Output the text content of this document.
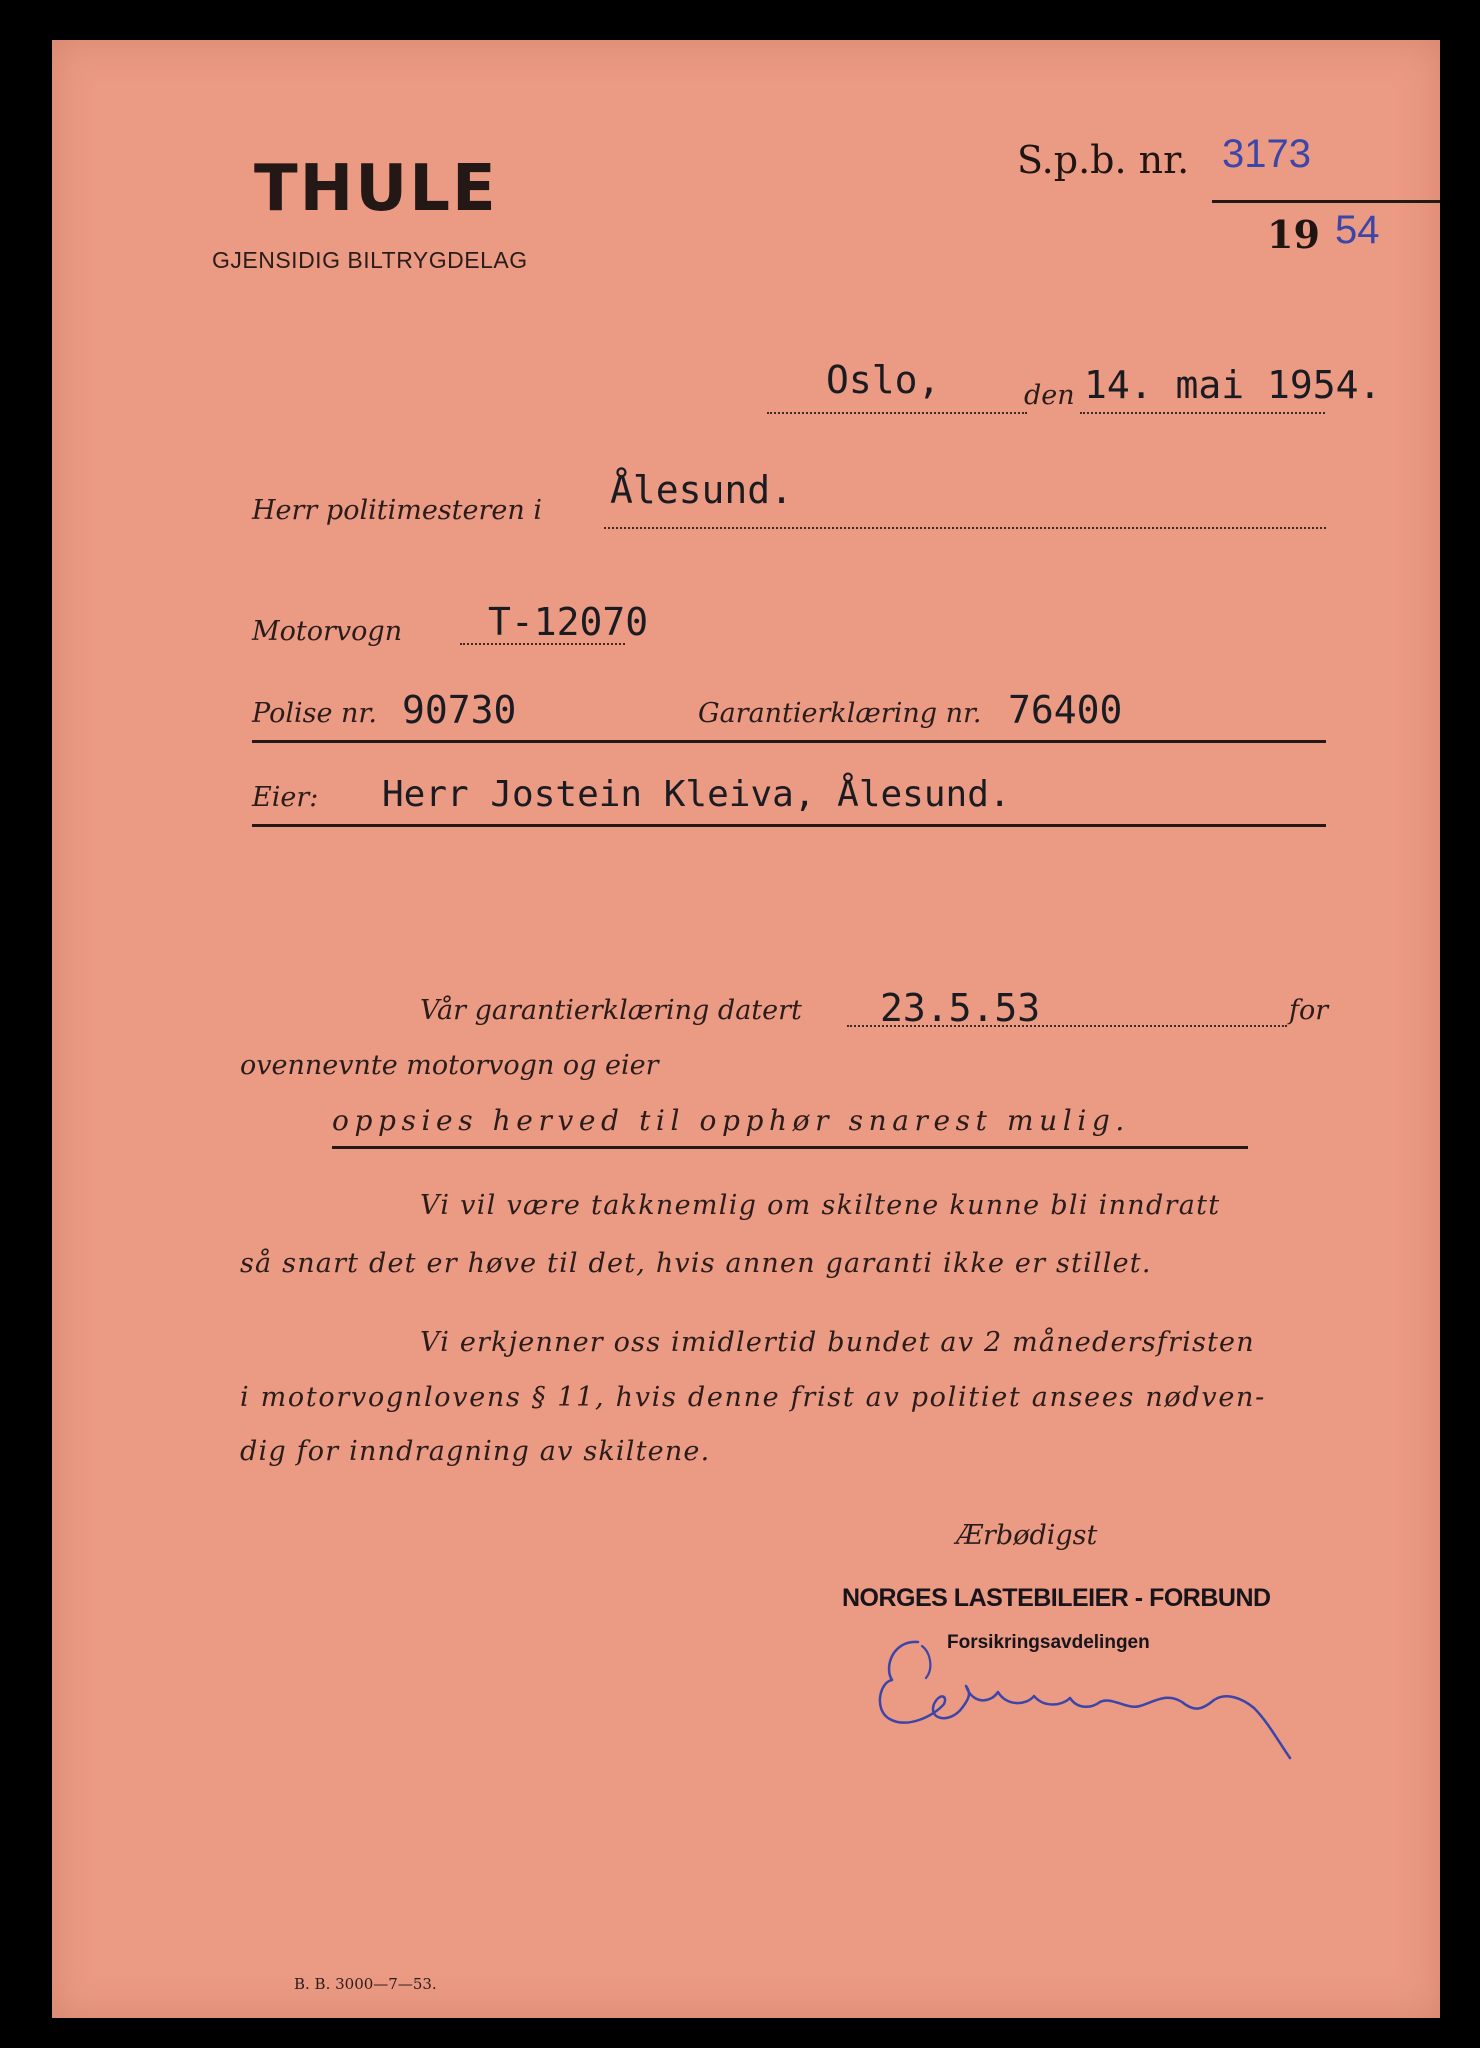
THULE
GJENSIDIG BILTRYGDELAG
S.p.b. nr. 3173
19 54
Oslo,	den 14. mai 1954.
Herr politimesteren i Ålesund.
Motorvogn T-12070
Polise nr. 90730	Garantierklæring nr. 76400
Eier: Herr Jostein Kleiva, Ålesund.
Vår garantierklæring datert 23.5.53	for
ovennevnte motorvogn og eier
oppsies herved til opphør snarest mulig.
Vi vil være takknemlig om skiltene kunne bli inndratt
så snart det er høve til det, hvis annen garanti ikke er stillet.
Vi erkjenner oss imidlertid bundet av 2 månedersfristen
i motorvognlovens § 11, hvis denne frist av politiet ansees nødven-
dig for inndragning av skiltene.
Ærbødigst
NORGES LASTEBILEIER - FORBUND
Forsikringsavdelingen
B. B. 3000—7—53.
